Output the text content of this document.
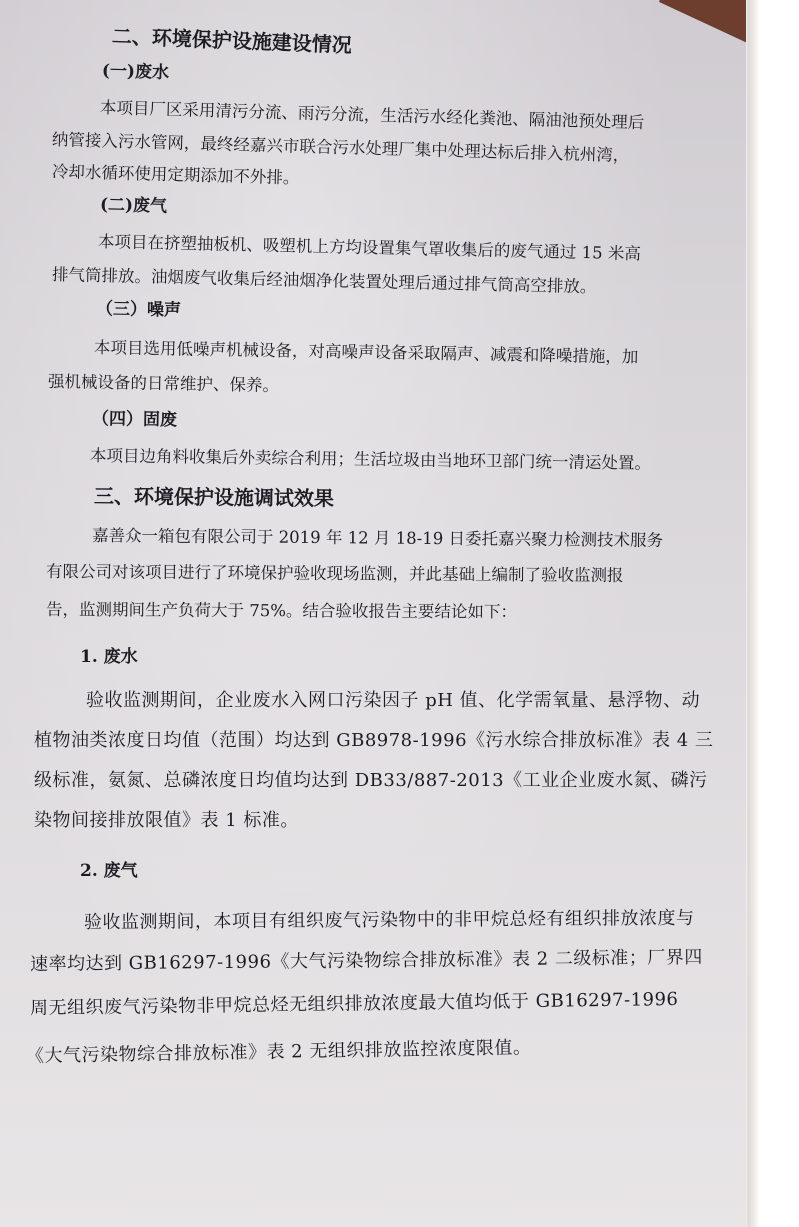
二、环境保护设施建设情况
(一)废水
本项目厂区采用清污分流、雨污分流，生活污水经化粪池、隔油池预处理后
纳管接入污水管网，最终经嘉兴市联合污水处理厂集中处理达标后排入杭州湾，
冷却水循环使用定期添加不外排。
(二)废气
本项目在挤塑抽板机、吸塑机上方均设置集气罩收集后的废气通过 15 米高
排气筒排放。油烟废气收集后经油烟净化装置处理后通过排气筒高空排放。
（三）噪声
本项目选用低噪声机械设备，对高噪声设备采取隔声、减震和降噪措施，加
强机械设备的日常维护、保养。
（四）固废
本项目边角料收集后外卖综合利用；生活垃圾由当地环卫部门统一清运处置。
三、环境保护设施调试效果
嘉善众一箱包有限公司于 2019 年 12 月 18-19 日委托嘉兴聚力检测技术服务
有限公司对该项目进行了环境保护验收现场监测，并此基础上编制了验收监测报
告，监测期间生产负荷大于 75%。结合验收报告主要结论如下：
1. 废水
验收监测期间，企业废水入网口污染因子 pH 值、化学需氧量、悬浮物、动
植物油类浓度日均值（范围）均达到 GB8978-1996《污水综合排放标准》表 4 三
级标准，氨氮、总磷浓度日均值均达到 DB33/887-2013《工业企业废水氮、磷污
染物间接排放限值》表 1 标准。
2. 废气
验收监测期间，本项目有组织废气污染物中的非甲烷总烃有组织排放浓度与
速率均达到 GB16297-1996《大气污染物综合排放标准》表 2 二级标准；厂界四
周无组织废气污染物非甲烷总烃无组织排放浓度最大值均低于 GB16297-1996
《大气污染物综合排放标准》表 2 无组织排放监控浓度限值。
